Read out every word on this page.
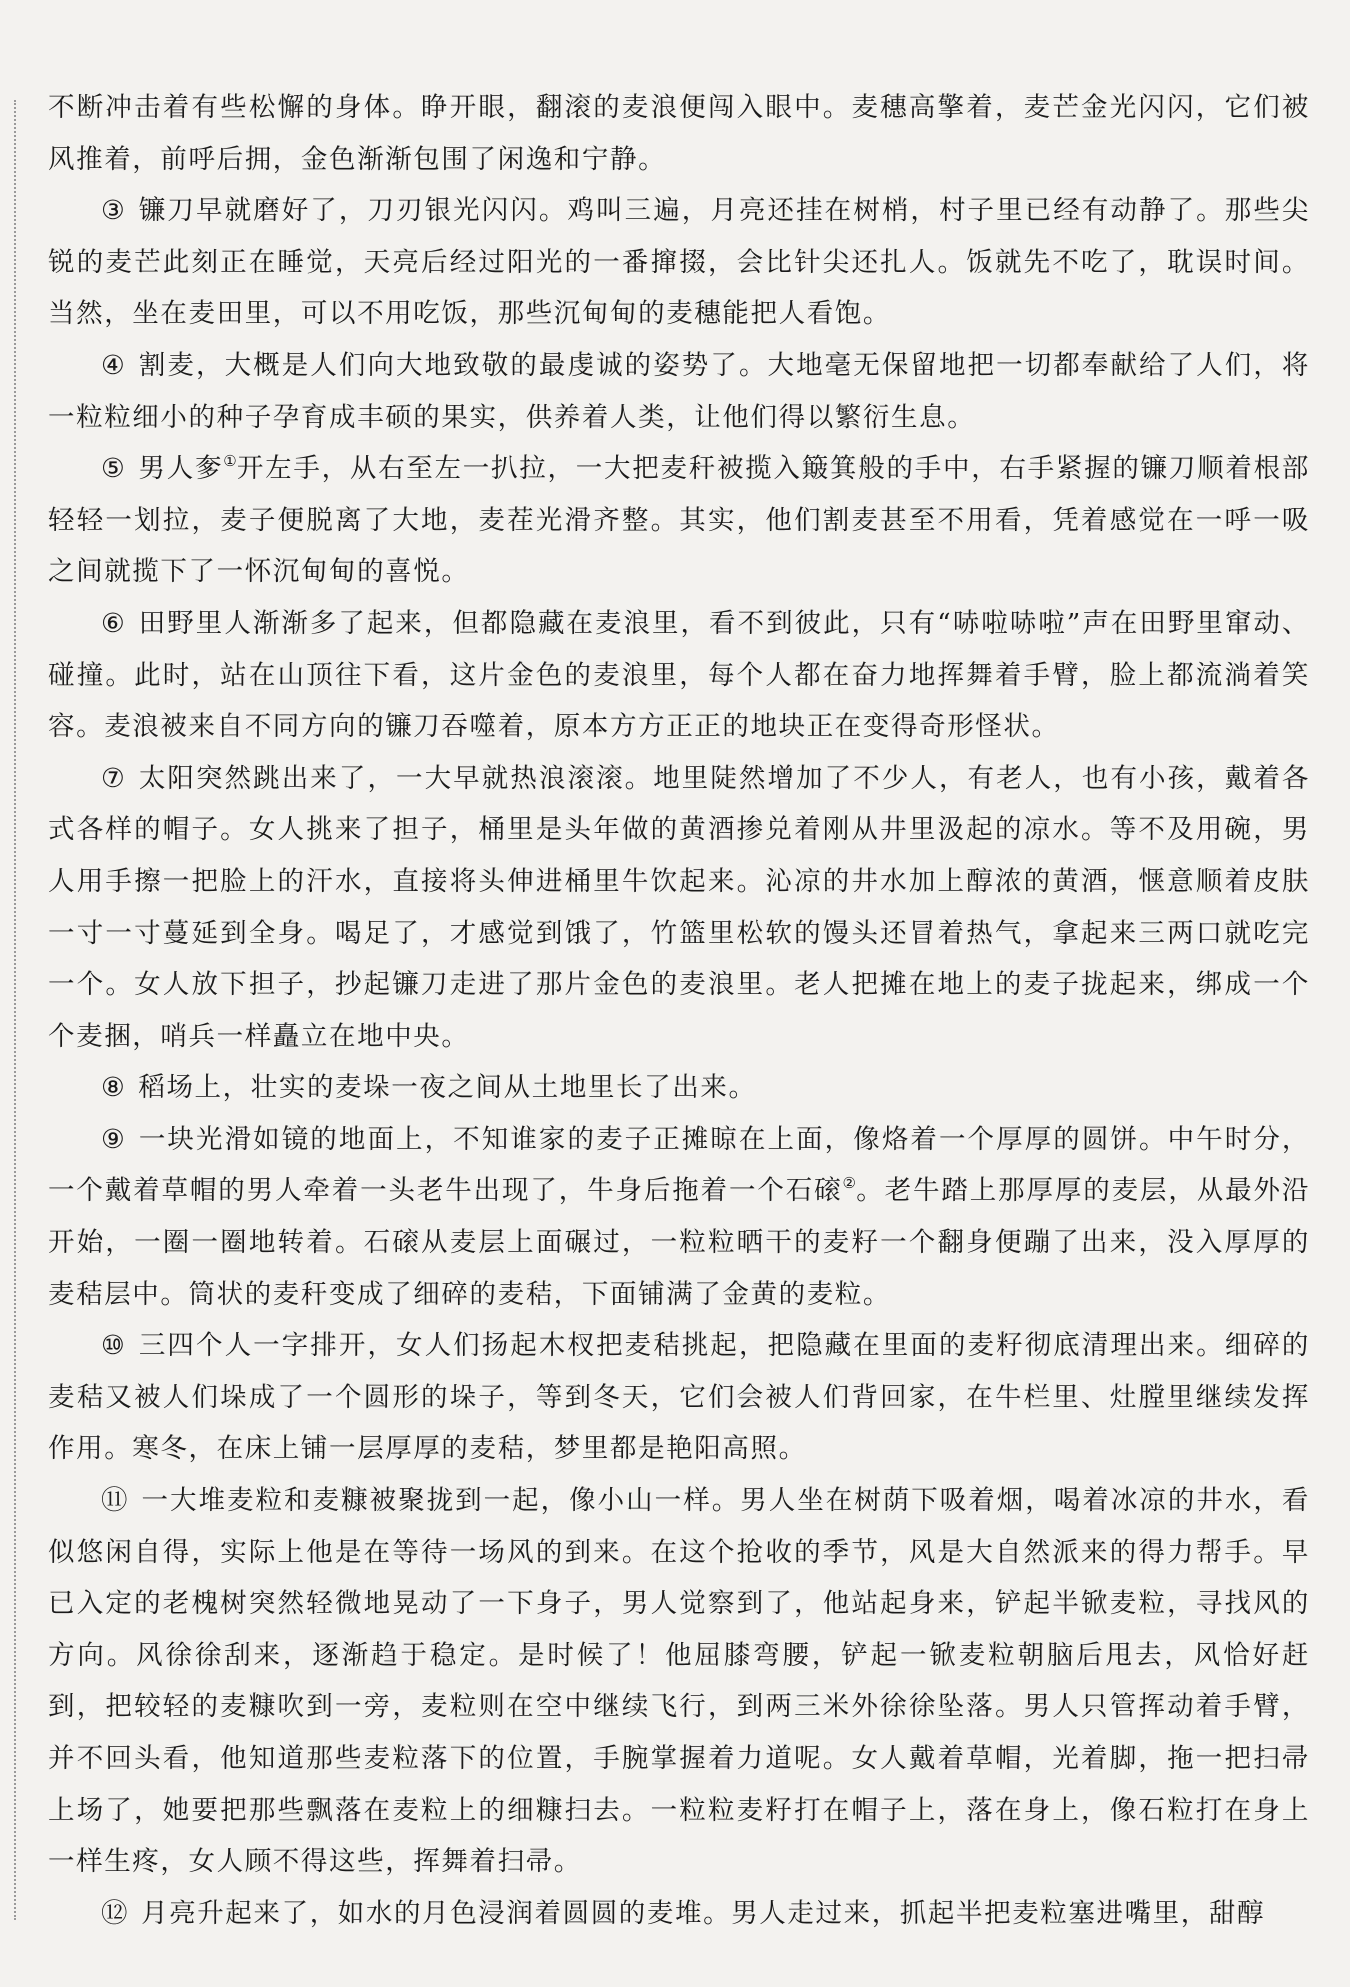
不断冲击着有些松懈的身体。睁开眼，翻滚的麦浪便闯入眼中。麦穗高擎着，麦芒金光闪闪，它们被风推着，前呼后拥，金色渐渐包围了闲逸和宁静。

③ 镰刀早就磨好了，刀刃银光闪闪。鸡叫三遍，月亮还挂在树梢，村子里已经有动静了。那些尖锐的麦芒此刻正在睡觉，天亮后经过阳光的一番撺掇，会比针尖还扎人。饭就先不吃了，耽误时间。当然，坐在麦田里，可以不用吃饭，那些沉甸甸的麦穗能把人看饱。

④ 割麦，大概是人们向大地致敬的最虔诚的姿势了。大地毫无保留地把一切都奉献给了人们，将一粒粒细小的种子孕育成丰硕的果实，供养着人类，让他们得以繁衍生息。

⑤ 男人奓①开左手，从右至左一扒拉，一大把麦秆被揽入簸箕般的手中，右手紧握的镰刀顺着根部轻轻一划拉，麦子便脱离了大地，麦茬光滑齐整。其实，他们割麦甚至不用看，凭着感觉在一呼一吸之间就揽下了一怀沉甸甸的喜悦。

⑥ 田野里人渐渐多了起来，但都隐藏在麦浪里，看不到彼此，只有“哧啦哧啦”声在田野里窜动、碰撞。此时，站在山顶往下看，这片金色的麦浪里，每个人都在奋力地挥舞着手臂，脸上都流淌着笑容。麦浪被来自不同方向的镰刀吞噬着，原本方方正正的地块正在变得奇形怪状。

⑦ 太阳突然跳出来了，一大早就热浪滚滚。地里陡然增加了不少人，有老人，也有小孩，戴着各式各样的帽子。女人挑来了担子，桶里是头年做的黄酒掺兑着刚从井里汲起的凉水。等不及用碗，男人用手擦一把脸上的汗水，直接将头伸进桶里牛饮起来。沁凉的井水加上醇浓的黄酒，惬意顺着皮肤一寸一寸蔓延到全身。喝足了，才感觉到饿了，竹篮里松软的馒头还冒着热气，拿起来三两口就吃完一个。女人放下担子，抄起镰刀走进了那片金色的麦浪里。老人把摊在地上的麦子拢起来，绑成一个个麦捆，哨兵一样矗立在地中央。

⑧ 稻场上，壮实的麦垛一夜之间从土地里长了出来。

⑨ 一块光滑如镜的地面上，不知谁家的麦子正摊晾在上面，像烙着一个厚厚的圆饼。中午时分，一个戴着草帽的男人牵着一头老牛出现了，牛身后拖着一个石磙②。老牛踏上那厚厚的麦层，从最外沿开始，一圈一圈地转着。石磙从麦层上面碾过，一粒粒晒干的麦籽一个翻身便蹦了出来，没入厚厚的麦秸层中。筒状的麦秆变成了细碎的麦秸，下面铺满了金黄的麦粒。

⑩ 三四个人一字排开，女人们扬起木杈把麦秸挑起，把隐藏在里面的麦籽彻底清理出来。细碎的麦秸又被人们垛成了一个圆形的垛子，等到冬天，它们会被人们背回家，在牛栏里、灶膛里继续发挥作用。寒冬，在床上铺一层厚厚的麦秸，梦里都是艳阳高照。

⑪ 一大堆麦粒和麦糠被聚拢到一起，像小山一样。男人坐在树荫下吸着烟，喝着冰凉的井水，看似悠闲自得，实际上他是在等待一场风的到来。在这个抢收的季节，风是大自然派来的得力帮手。早已入定的老槐树突然轻微地晃动了一下身子，男人觉察到了，他站起身来，铲起半锨麦粒，寻找风的方向。风徐徐刮来，逐渐趋于稳定。是时候了！他屈膝弯腰，铲起一锨麦粒朝脑后甩去，风恰好赶到，把较轻的麦糠吹到一旁，麦粒则在空中继续飞行，到两三米外徐徐坠落。男人只管挥动着手臂，并不回头看，他知道那些麦粒落下的位置，手腕掌握着力道呢。女人戴着草帽，光着脚，拖一把扫帚上场了，她要把那些飘落在麦粒上的细糠扫去。一粒粒麦籽打在帽子上，落在身上，像石粒打在身上一样生疼，女人顾不得这些，挥舞着扫帚。

⑫ 月亮升起来了，如水的月色浸润着圆圆的麦堆。男人走过来，抓起半把麦粒塞进嘴里，甜醇
